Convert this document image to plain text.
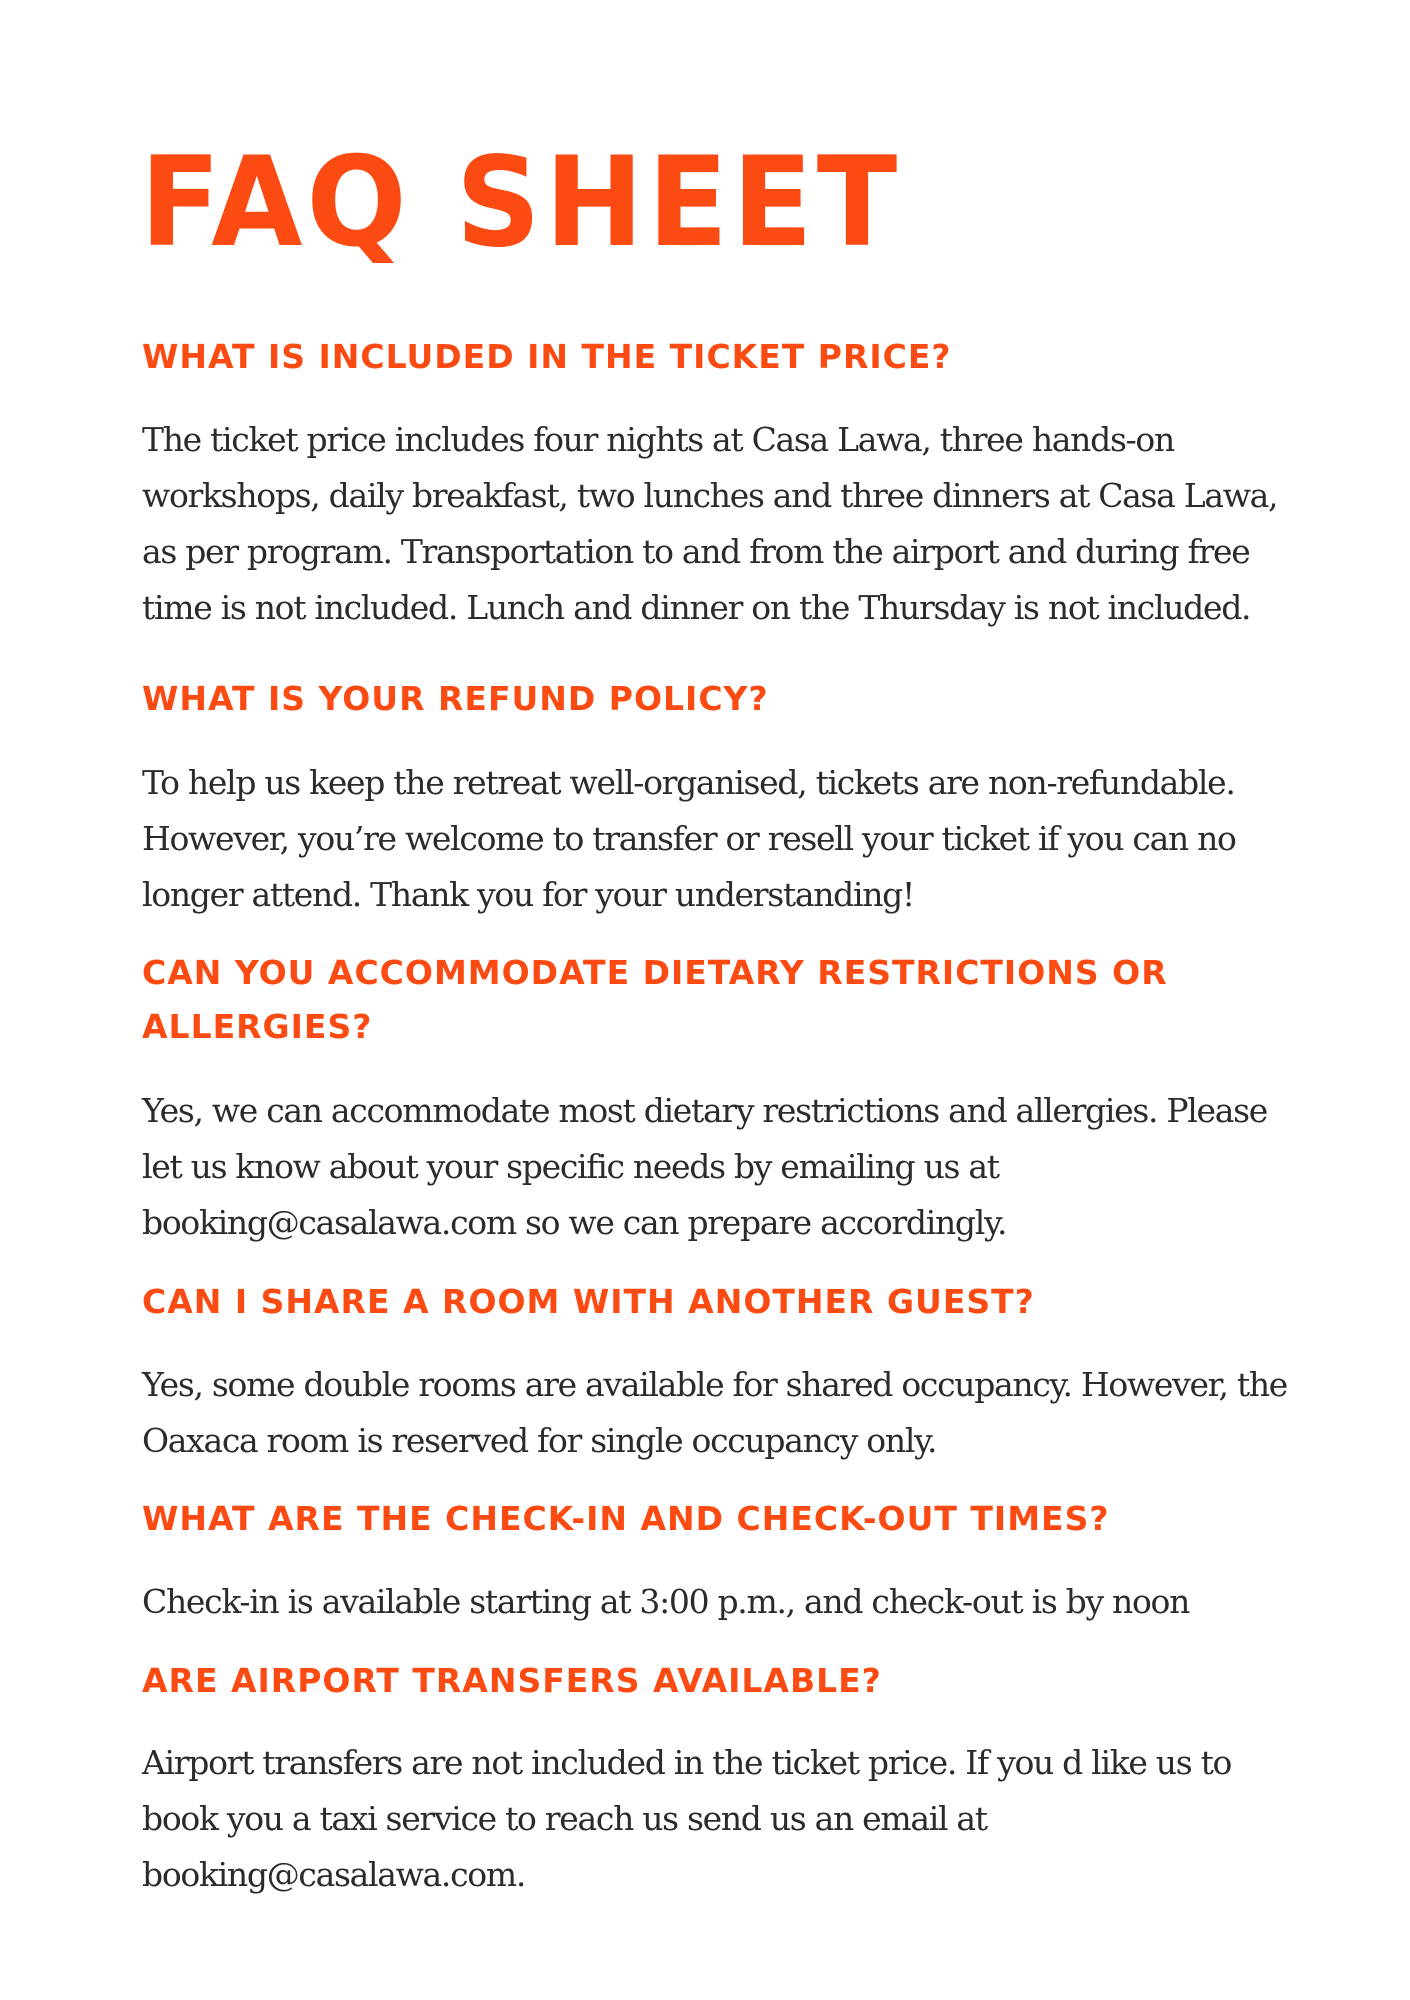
FAQ SHEET
WHAT IS INCLUDED IN THE TICKET PRICE?

The ticket price includes four nights at Casa Lawa, three hands-on workshops, daily breakfast, two lunches and three dinners at Casa Lawa, as per program. Transportation to and from the airport and during free time is not included. Lunch and dinner on the Thursday is not included.

WHAT IS YOUR REFUND POLICY?

To help us keep the retreat well-organised, tickets are non-refundable. However, you’re welcome to transfer or resell your ticket if you can no longer attend. Thank you for your understanding!

CAN YOU ACCOMMODATE DIETARY RESTRICTIONS OR ALLERGIES?

Yes, we can accommodate most dietary restrictions and allergies. Please let us know about your specific needs by emailing us at booking@casalawa.com so we can prepare accordingly.

CAN I SHARE A ROOM WITH ANOTHER GUEST?

Yes, some double rooms are available for shared occupancy. However, the Oaxaca room is reserved for single occupancy only.

WHAT ARE THE CHECK-IN AND CHECK-OUT TIMES?

Check-in is available starting at 3:00 p.m., and check-out is by noon

ARE AIRPORT TRANSFERS AVAILABLE?

Airport transfers are not included in the ticket price. If you d like us to book you a taxi service to reach us send us an email at booking@casalawa.com.
